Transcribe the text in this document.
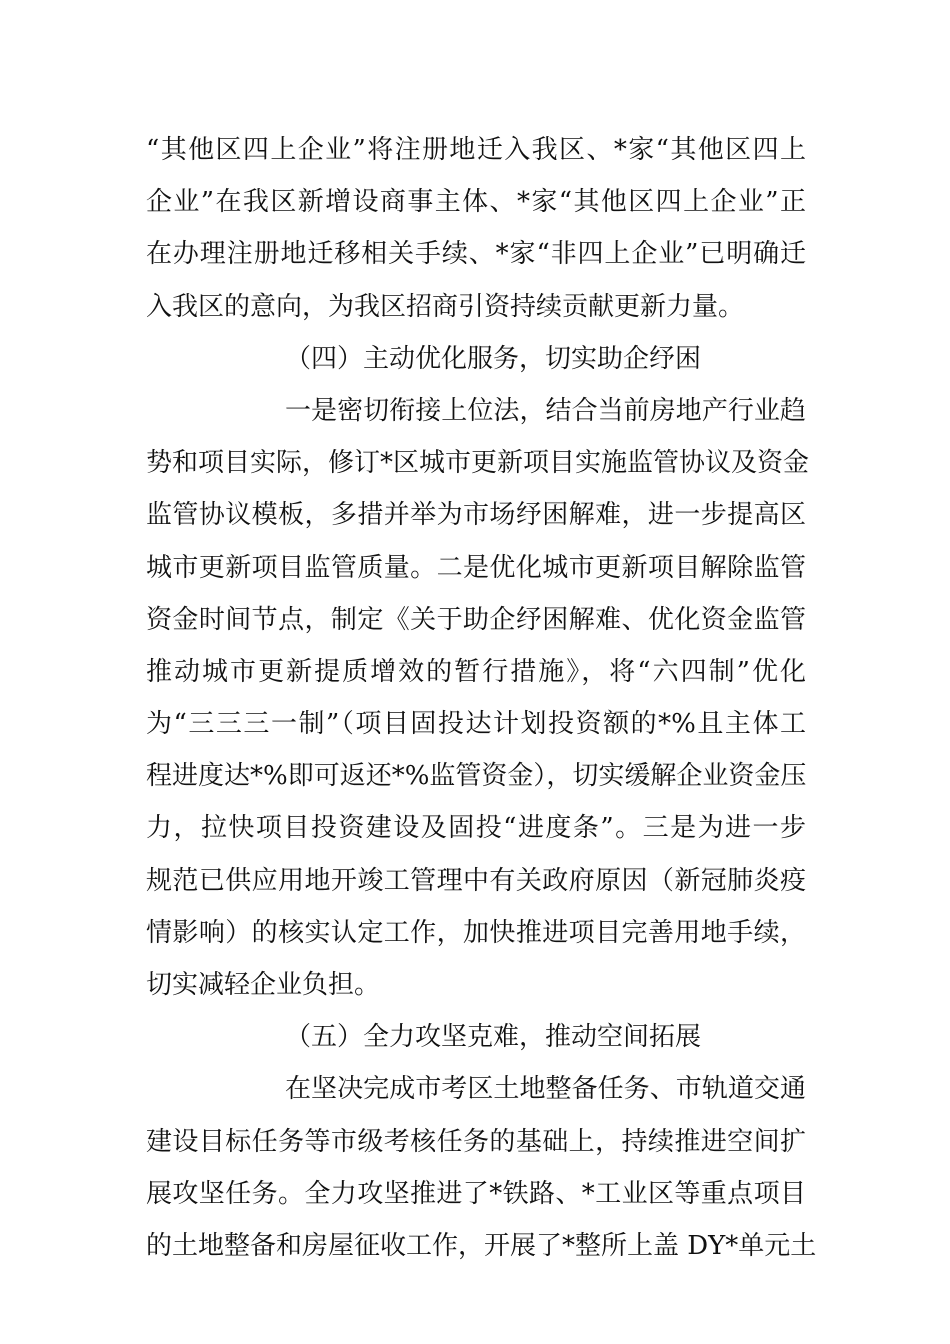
“其他区四上企业”将注册地迁入我区、*家“其他区四上
企业”在我区新增设商事主体、*家“其他区四上企业”正
在办理注册地迁移相关手续、*家“非四上企业”已明确迁
入我区的意向，为我区招商引资持续贡献更新力量。
（四）主动优化服务，切实助企纾困
一是密切衔接上位法，结合当前房地产行业趋
势和项目实际，修订*区城市更新项目实施监管协议及资金
监管协议模板，多措并举为市场纾困解难，进一步提高区
城市更新项目监管质量。二是优化城市更新项目解除监管
资金时间节点，制定《关于助企纾困解难、优化资金监管
推动城市更新提质增效的暂行措施》，将“六四制”优化
为“三三三一制”（项目固投达计划投资额的*%且主体工
程进度达*%即可返还*%监管资金），切实缓解企业资金压
力，拉快项目投资建设及固投“进度条”。三是为进一步
规范已供应用地开竣工管理中有关政府原因（新冠肺炎疫
情影响）的核实认定工作，加快推进项目完善用地手续，
切实减轻企业负担。
（五）全力攻坚克难，推动空间拓展
在坚决完成市考区土地整备任务、市轨道交通
建设目标任务等市级考核任务的基础上，持续推进空间扩
展攻坚任务。全力攻坚推进了*铁路、*工业区等重点项目
的土地整备和房屋征收工作，开展了*整所上盖 DY*单元土
